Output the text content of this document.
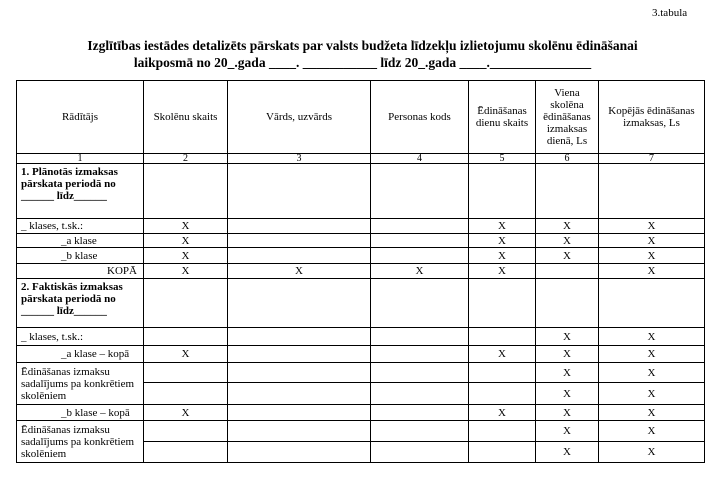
3.tabula
Izglītības iestādes detalizēts pārskats par valsts budžeta līdzekļu izlietojumu skolēnu ēdināšanai
laikposmā no 20_.gada ____. ___________ līdz 20_.gada ____._______________
Rādītājs	Skolēnu skaits	Vārds, uzvārds	Personas kods	Ēdināšanas dienu skaits	Viena skolēna ēdināšanas izmaksas dienā, Ls	Kopējās ēdināšanas izmaksas, Ls
1	2	3	4	5	6	7
1. Plānotās izmaksas pārskata periodā no ______ līdz______						
_ klases, t.sk.:	X			X	X	X
_a klase	X			X	X	X
_b klase	X			X	X	X
KOPĀ	X	X	X	X		X
2. Faktiskās izmaksas pārskata periodā no ______ līdz______						
_ klases, t.sk.:					X	X
_a klase – kopā	X			X	X	X
Ēdināšanas izmaksu sadalījums pa konkrētiem skolēniem					X	X
					X	X
_b klase – kopā	X			X	X	X
Ēdināšanas izmaksu sadalījums pa konkrētiem skolēniem					X	X
					X	X
